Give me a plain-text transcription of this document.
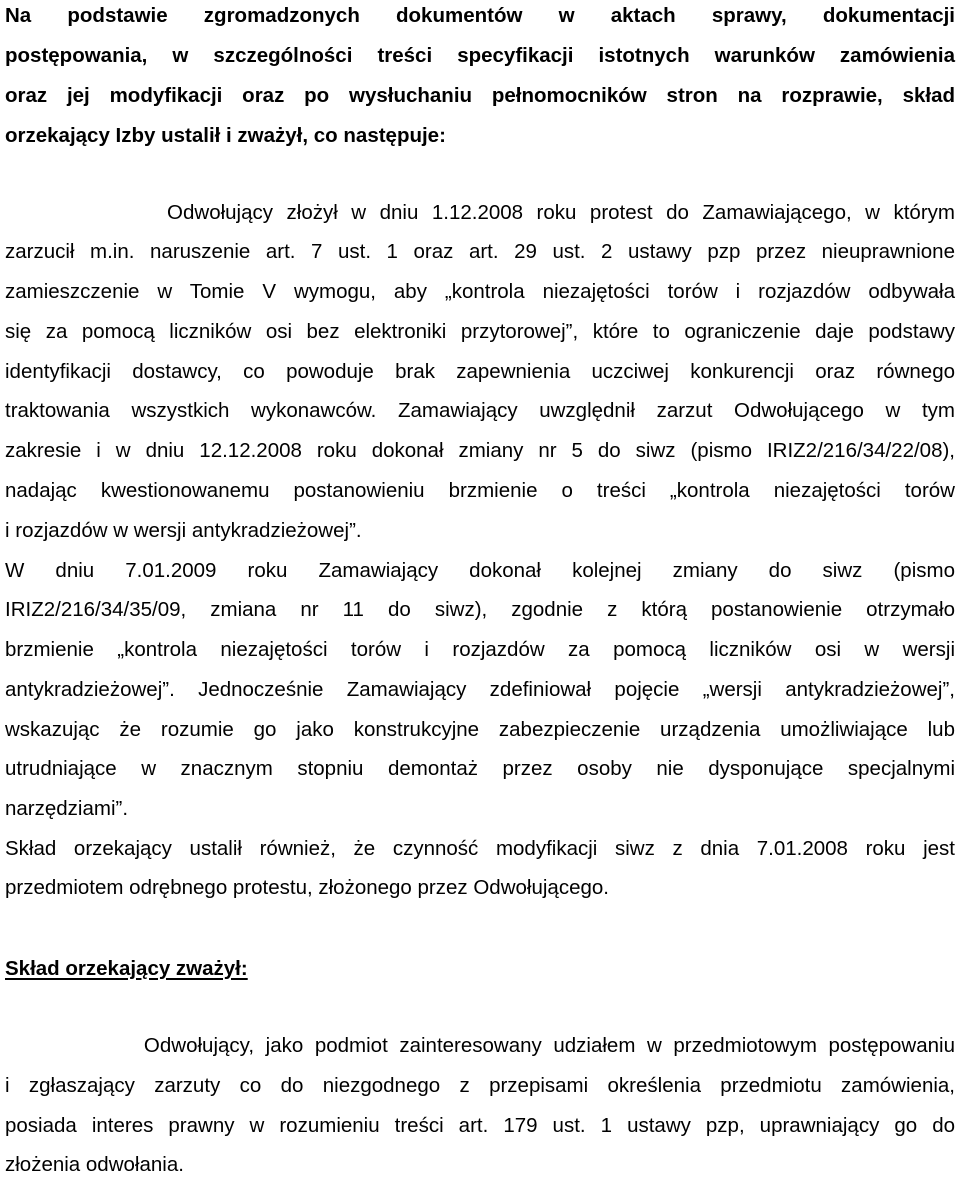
Na podstawie zgromadzonych dokumentów w aktach sprawy, dokumentacji
postępowania, w szczególności treści specyfikacji istotnych warunków zamówienia
oraz jej modyfikacji oraz po wysłuchaniu pełnomocników stron na rozprawie, skład
orzekający Izby ustalił i zważył, co następuje:
Odwołujący złożył w dniu 1.12.2008 roku protest do Zamawiającego, w którym
zarzucił m.in. naruszenie art. 7 ust. 1 oraz art. 29 ust. 2 ustawy pzp przez nieuprawnione
zamieszczenie w Tomie V wymogu, aby „kontrola niezajętości torów i rozjazdów odbywała
się za pomocą liczników osi bez elektroniki przytorowej”, które to ograniczenie daje podstawy
identyfikacji dostawcy, co powoduje brak zapewnienia uczciwej konkurencji oraz równego
traktowania wszystkich wykonawców. Zamawiający uwzględnił zarzut Odwołującego w tym
zakresie i w dniu 12.12.2008 roku dokonał zmiany nr 5 do siwz (pismo IRIZ2/216/34/22/08),
nadając kwestionowanemu postanowieniu brzmienie o treści „kontrola niezajętości torów
i rozjazdów w wersji antykradzieżowej”.
W dniu 7.01.2009 roku Zamawiający dokonał kolejnej zmiany do siwz (pismo
IRIZ2/216/34/35/09, zmiana nr 11 do siwz), zgodnie z którą postanowienie otrzymało
brzmienie „kontrola niezajętości torów i rozjazdów za pomocą liczników osi w wersji
antykradzieżowej”. Jednocześnie Zamawiający zdefiniował pojęcie „wersji antykradzieżowej”,
wskazując że rozumie go jako konstrukcyjne zabezpieczenie urządzenia umożliwiające lub
utrudniające w znacznym stopniu demontaż przez osoby nie dysponujące specjalnymi
narzędziami”.
Skład orzekający ustalił również, że czynność modyfikacji siwz z dnia 7.01.2008 roku jest
przedmiotem odrębnego protestu, złożonego przez Odwołującego.
Skład orzekający zważył:
Odwołujący, jako podmiot zainteresowany udziałem w przedmiotowym postępowaniu
i zgłaszający zarzuty co do niezgodnego z przepisami określenia przedmiotu zamówienia,
posiada interes prawny w rozumieniu treści art. 179 ust. 1 ustawy pzp, uprawniający go do
złożenia odwołania.
